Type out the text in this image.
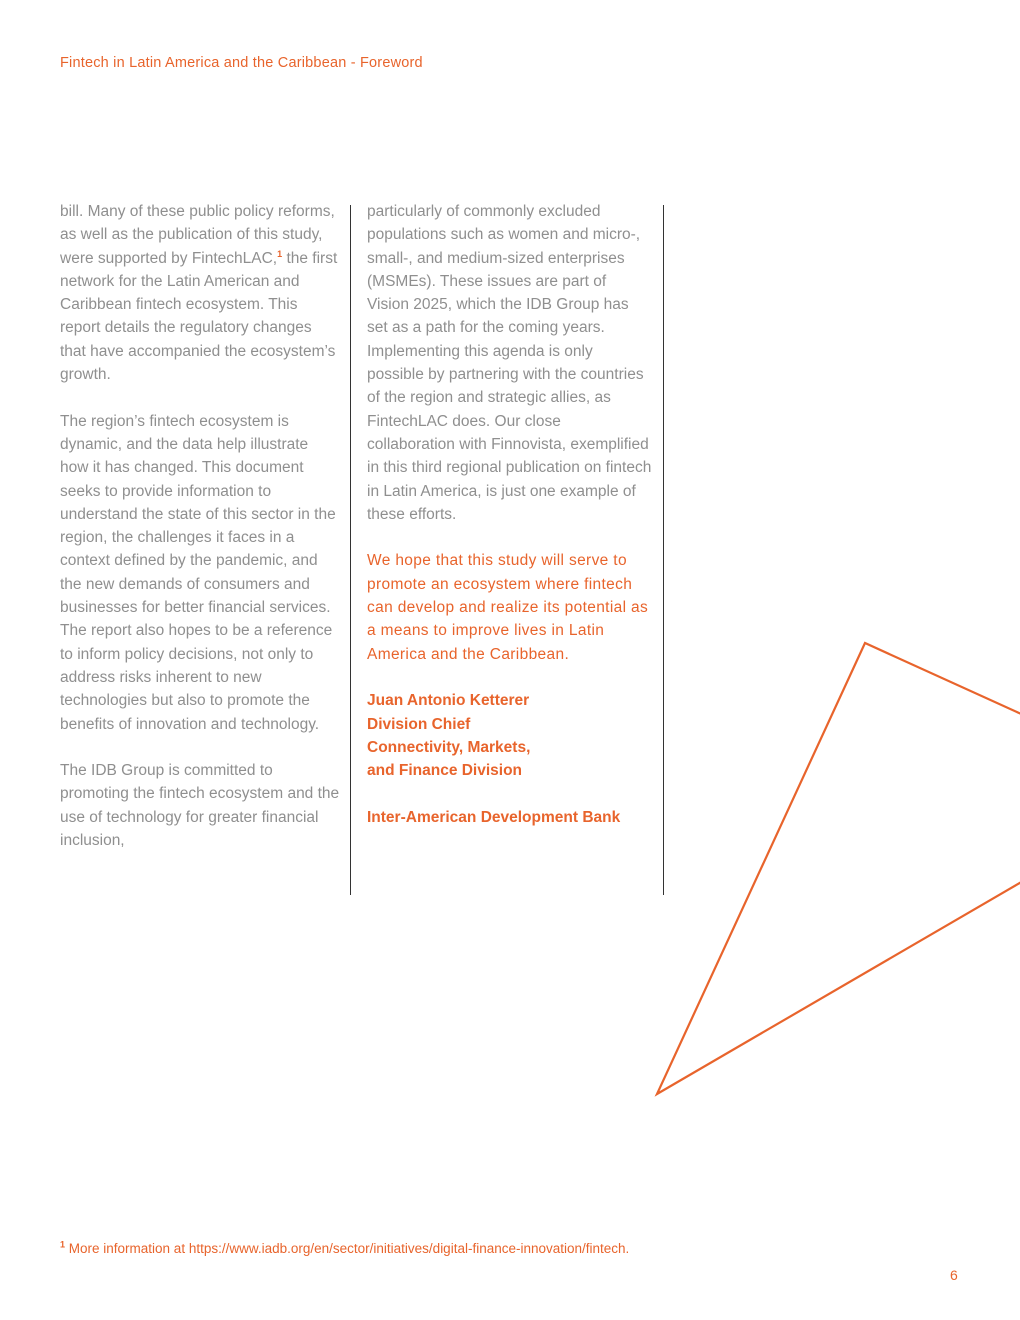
Fintech in Latin America and the Caribbean - Foreword

bill. Many of these public policy reforms, as well as the publication of this study, were supported by FintechLAC,$^1$ the first network for the Latin American and Caribbean fintech ecosystem. This report details the regulatory changes that have accompanied the ecosystem’s growth.

The region’s fintech ecosystem is dynamic, and the data help illustrate how it has changed. This document seeks to provide information to understand the state of this sector in the region, the challenges it faces in a context defined by the pandemic, and the new demands of consumers and businesses for better financial services. The report also hopes to be a reference to inform policy decisions, not only to address risks inherent to new technologies but also to promote the benefits of innovation and technology.

The IDB Group is committed to promoting the fintech ecosystem and the use of technology for greater financial inclusion,

particularly of commonly excluded populations such as women and micro-, small-, and medium-sized enterprises (MSMEs). These issues are part of Vision 2025, which the IDB Group has set as a path for the coming years. Implementing this agenda is only possible by partnering with the countries of the region and strategic allies, as FintechLAC does. Our close collaboration with Finnovista, exemplified in this third regional publication on fintech in Latin America, is just one example of these efforts.

We hope that this study will serve to promote an ecosystem where fintech can develop and realize its potential as a means to improve lives in Latin America and the Caribbean.

Juan Antonio Ketterer
Division Chief
Connectivity, Markets,
and Finance Division

Inter-American Development Bank

$^1$ More information at https://www.iadb.org/en/sector/initiatives/digital-finance-innovation/fintech.
6
